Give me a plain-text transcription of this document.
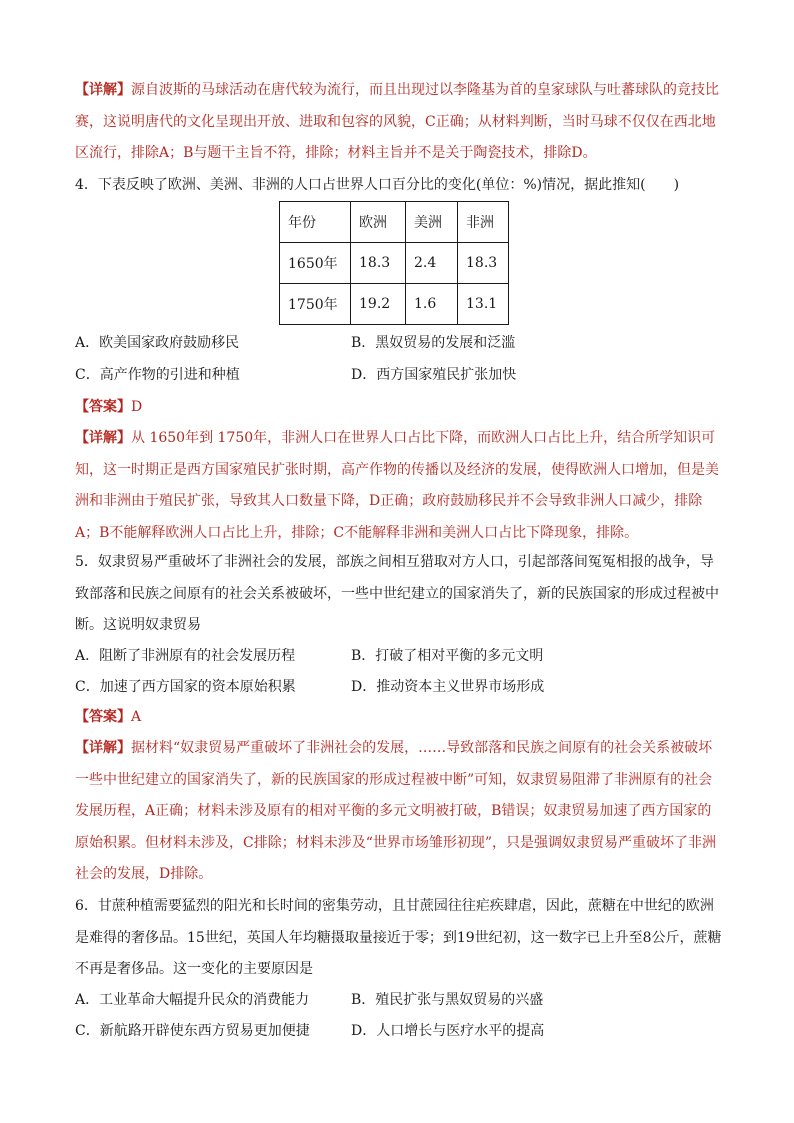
【详解】源自波斯的马球活动在唐代较为流行，而且出现过以李隆基为首的皇家球队与吐蕃球队的竞技比赛，这说明唐代的文化呈现出开放、进取和包容的风貌，C正确；从材料判断，当时马球不仅仅在西北地区流行，排除A；B与题干主旨不符，排除；材料主旨并不是关于陶瓷技术，排除D。

4．下表反映了欧洲、美洲、非洲的人口占世界人口百分比的变化(单位：%)情况，据此推知(　　)

年份	欧洲	美洲	非洲
1650年	18.3	2.4	18.3
1750年	19.2	1.6	13.1
A．欧美国家政府鼓励移民	B．黑奴贸易的发展和泛滥
C．高产作物的引进和种植	D．西方国家殖民扩张加快

【答案】D

【详解】从 1650年到 1750年，非洲人口在世界人口占比下降，而欧洲人口占比上升，结合所学知识可知，这一时期正是西方国家殖民扩张时期，高产作物的传播以及经济的发展，使得欧洲人口增加，但是美洲和非洲由于殖民扩张，导致其人口数量下降，D正确；政府鼓励移民并不会导致非洲人口减少，排除A；B不能解释欧洲人口占比上升，排除；C不能解释非洲和美洲人口占比下降现象，排除。

5．奴隶贸易严重破坏了非洲社会的发展，部族之间相互猎取对方人口，引起部落间冤冤相报的战争，导致部落和民族之间原有的社会关系被破坏，一些中世纪建立的国家消失了，新的民族国家的形成过程被中断。这说明奴隶贸易

A．阻断了非洲原有的社会发展历程	B．打破了相对平衡的多元文明
C．加速了西方国家的资本原始积累	D．推动资本主义世界市场形成

【答案】A

【详解】据材料“奴隶贸易严重破坏了非洲社会的发展，……导致部落和民族之间原有的社会关系被破坏一些中世纪建立的国家消失了，新的民族国家的形成过程被中断”可知，奴隶贸易阻滞了非洲原有的社会发展历程，A正确；材料未涉及原有的相对平衡的多元文明被打破，B错误；奴隶贸易加速了西方国家的原始积累。但材料未涉及，C排除；材料未涉及“世界市场雏形初现”，只是强调奴隶贸易严重破坏了非洲社会的发展，D排除。

6．甘蔗种植需要猛烈的阳光和长时间的密集劳动，且甘蔗园往往疟疾肆虐，因此，蔗糖在中世纪的欧洲是难得的奢侈品。15世纪，英国人年均糖摄取量接近于零；到19世纪初，这一数字已上升至8公斤，蔗糖不再是奢侈品。这一变化的主要原因是

A．工业革命大幅提升民众的消费能力	B．殖民扩张与黑奴贸易的兴盛
C．新航路开辟使东西方贸易更加便捷	D．人口增长与医疗水平的提高
